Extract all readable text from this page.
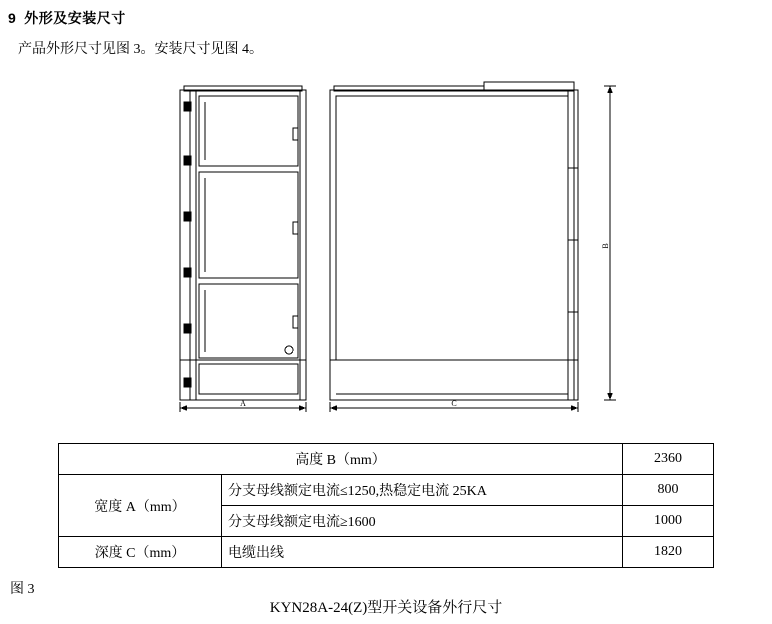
9 外形及安装尺寸
产品外形尺寸见图 3。安装尺寸见图 4。
A	C
B
高度 B（mm）		2360
宽度 A（mm）	分支母线额定电流≤1250,热稳定电流 25KA	800
	分支母线额定电流≥1600	1000
深度 C（mm）	电缆出线	1820
图 3
KYN28A-24(Z)型开关设备外行尺寸
